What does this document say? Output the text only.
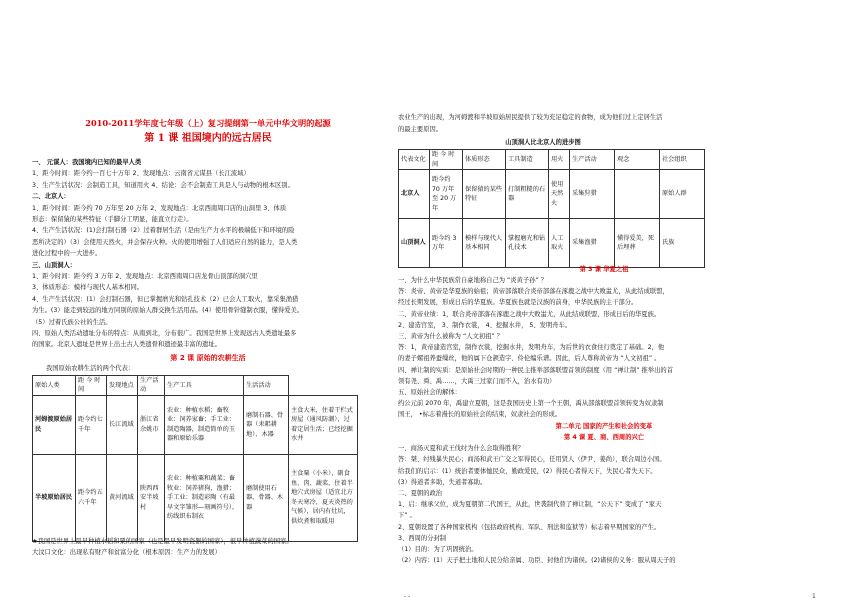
2010-2011学年度七年级（上）复习提纲第一单元中华文明的起源
第 1 课 祖国境内的远古居民
一、 元谋人：我国境内已知的最早人类
1、距今时间：距今约一百七十万年 2、发现地点：云南省元谋县（长江流域）
3、生产生活状况：会制造工具，知道用火 4、结论：会不会制造工具是人与动物的根本区别。
二、北京人：
1、距今时间：距今约 70 万年至 20 万年 2、发现地点：北京西南周口店的山洞里 3、体质
形态：保留猿的某些特征（手脚分工明显，能直立行走）。
4、生产生活状况：(1)会打制石器（2）过着群居生活（是由生产力水平的极端低下和环境的险
恶所决定的）（3）会使用天然火，并会保存火种。火的使用增强了人们适应自然的能力，是人类
进化过程中的一大进步。
三、山顶洞人：
1、距今时间：距今约 3 万年 2、发现地点：北京西南周口店龙骨山顶部的洞穴里
3、体质形态：模样与现代人基本相同。
4、生产生活状况：(1）会打制石器，但已掌握磨光和钻孔技术（2）已会人工取火，靠采集渔猎
为生。(3）能走到较远的地方同别的原始人群交换生活用品。(4）使用骨针缝制衣服，懂得爱美。
（5）过着氏族公社的生活。
四、原始人类活动遗址分布的特点：从南到北，分布很广。我国是世界上发现远古人类遗址最多
的国家。北京人遗址是世界上出土古人类遗骨和遗迹最丰富的遗址。
第 2 课 原始的农耕生活
我国原始农耕生活的两个代表：
原始人类	距 今 时 间	发现地点	生产活动	生产工具	生活活动	
河姆渡原始居民	距今约七千年	长江流域	浙江省余姚市	农业：种植水稻；畜牧业：饲养家畜；手工业：制造陶器，制造简单的玉器和原始乐器	磨制石器、骨器（耒耜耕地）、木器	主食大米，住着干栏式房屋（通风防潮），过着定居生活；已经挖掘水井
半坡原始居民	距今约五六千年	黄河流域	陕西西安半坡村	农业：种植粟和蔬菜；畜牧业：饲养猪狗，渔猎；手工业：制造彩陶（有最早文字雏形—刻画符号），纺线织布制衣	磨制使用石器、骨器、木器	主食粟（小米），副食鱼、肉、蔬菜，住着半地穴式房屋（适宜北方冬天寒冷，夏天炎热的气候），居内有灶坑，供炊煮和取暖用
★我国是世界上最早种植水稻和粟的国家（也是最早发明瓷器的国家），很早种植蔬菜的国家。
大汶口文化：出现私有财产和贫富分化（根本原因：生产力的发展）
农业生产的出现，为河姆渡和半坡原始居民提供了较为充足稳定的食物，成为他们过上定居生活
的最主要原因。
山顶洞人比北京人的进步图
代表文化	距 今 时 间	体质形态	工具制造	用火	生产活动	观念	社会组织
北京人	距今约 70 万年至 20 万年	保留猿的某些特征	打制粗糙的石器	使用天然火	采集狩猎		原始人群
山顶洞人	距今约 3 万年	模样与现代人基本相同	掌握磨光和钻孔技术	人工取火	采集渔猎	懂得爱美，死后埋葬	氏族
第 3 课 华夏之祖
一、为什么中华民族常自豪地称自己为 “炎黄子孙” ？
答：炎帝、黄帝是华夏族的始祖；黄帝部落联合炎帝部落在涿鹿之战中大败蚩尤，从此结成联盟，
经过长期发展，形成日后的华夏族。华夏族也就是汉族的前身，中华民族的主干部分。
二、黄帝业绩：1，联合炎帝部落在涿鹿之战中大败蚩尤，从此结成联盟，形成日后的华夏族。
2、建造宫室， 3、制作衣裳， 4、挖掘水井， 5、发明舟车。
三、黄帝为什么被称为 “人文初祖” ？
答：1，黄帝建造宫室，制作衣裳，挖掘水井，发明舟车，为后世的衣食住行奠定了基础。2，他
的妻子嫘祖养蚕缫丝，他的属下仓颉造字、伶伦编乐谱。因此，后人尊称黄帝为 “人文初祖” 。
四、禅让制的实质：是原始社会时期的一种民主推举部落联盟首领的制度（用 “禅让制” 推举出的首
领有尧、舜、禹……，大禹三过家门而不入，治水有功）
五、原始社会的解体：
约公元前 2070 年，禹建立夏朝，这是我国历史上第一个王朝，禹从部落联盟首领转变为奴隶制
国王， •标志着漫长的原始社会的结束，奴隶社会的形成。
第二单元 国家的产生和社会的变革
第 4 课 夏、商、西周的兴亡
一、商汤灭夏和武王伐纣为什么会取得胜利？
答：桀、纣残暴失民心；商汤和武王广交之军得民心，任用贤人（伊尹、姜尚），联合周边小国。
给我们的启示：(1）统治者要体恤民众，勤政爱民，(2）得民心者得天下，失民心者失天下。
(3）得道者多助，失道者寡助。
二、夏朝的政治
1、启：继承父位，成为夏朝第二代国王，从此，世袭制代替了禅让制，“公天下” 变成了 “家天
下” 。
2、夏朝设置了各种国家机构（包括政府机构、军队、刑法和监狱等）标志着早期国家的产生。
3、西周的分封制
（1）目的：为了巩固统治。
（2）内容：(1）天子把土地和人民分给亲属、功臣、封他们为诸侯。(2)诸侯的义务：服从周天子的
- -	1
